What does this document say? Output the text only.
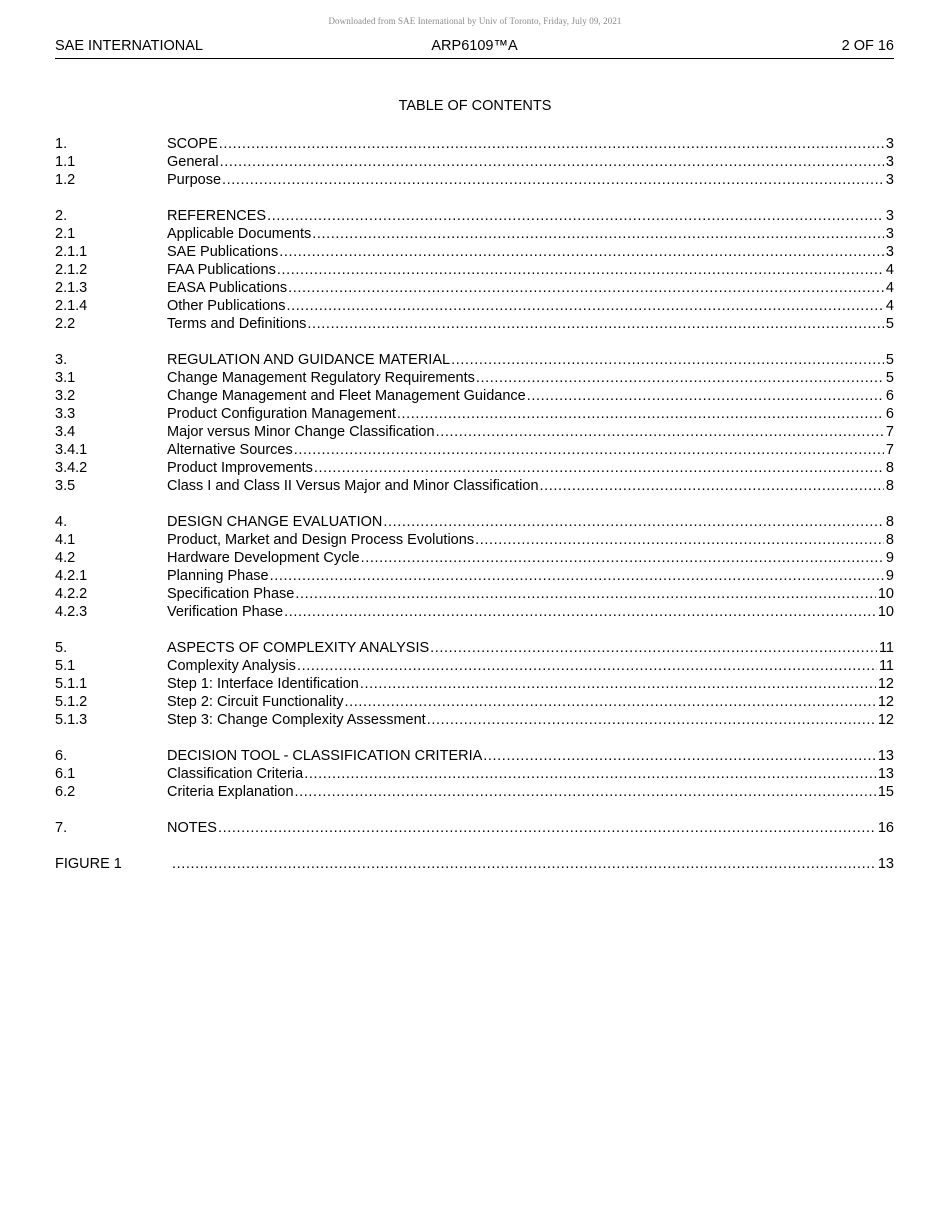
Downloaded from SAE International by Univ of Toronto, Friday, July 09, 2021
SAE INTERNATIONAL	ARP6109™A	2 OF 16
TABLE OF CONTENTS
1.	SCOPE .....	3
1.1	General .....	3
1.2	Purpose .....	3
2.	REFERENCES .....	3
2.1	Applicable Documents .....	3
2.1.1	SAE Publications .....	3
2.1.2	FAA Publications .....	4
2.1.3	EASA Publications .....	4
2.1.4	Other Publications .....	4
2.2	Terms and Definitions .....	5
3.	REGULATION AND GUIDANCE MATERIAL .....	5
3.1	Change Management Regulatory Requirements .....	5
3.2	Change Management and Fleet Management Guidance .....	6
3.3	Product Configuration Management .....	6
3.4	Major versus Minor Change Classification .....	7
3.4.1	Alternative Sources .....	7
3.4.2	Product Improvements .....	8
3.5	Class I and Class II Versus Major and Minor Classification .....	8
4.	DESIGN CHANGE EVALUATION .....	8
4.1	Product, Market and Design Process Evolutions .....	8
4.2	Hardware Development Cycle .....	9
4.2.1	Planning Phase .....	9
4.2.2	Specification Phase .....	10
4.2.3	Verification Phase .....	10
5.	ASPECTS OF COMPLEXITY ANALYSIS .....	11
5.1	Complexity Analysis .....	11
5.1.1	Step 1: Interface Identification .....	12
5.1.2	Step 2: Circuit Functionality .....	12
5.1.3	Step 3: Change Complexity Assessment .....	12
6.	DECISION TOOL - CLASSIFICATION CRITERIA .....	13
6.1	Classification Criteria .....	13
6.2	Criteria Explanation .....	15
7.	NOTES .....	16
FIGURE 1 .....	13
